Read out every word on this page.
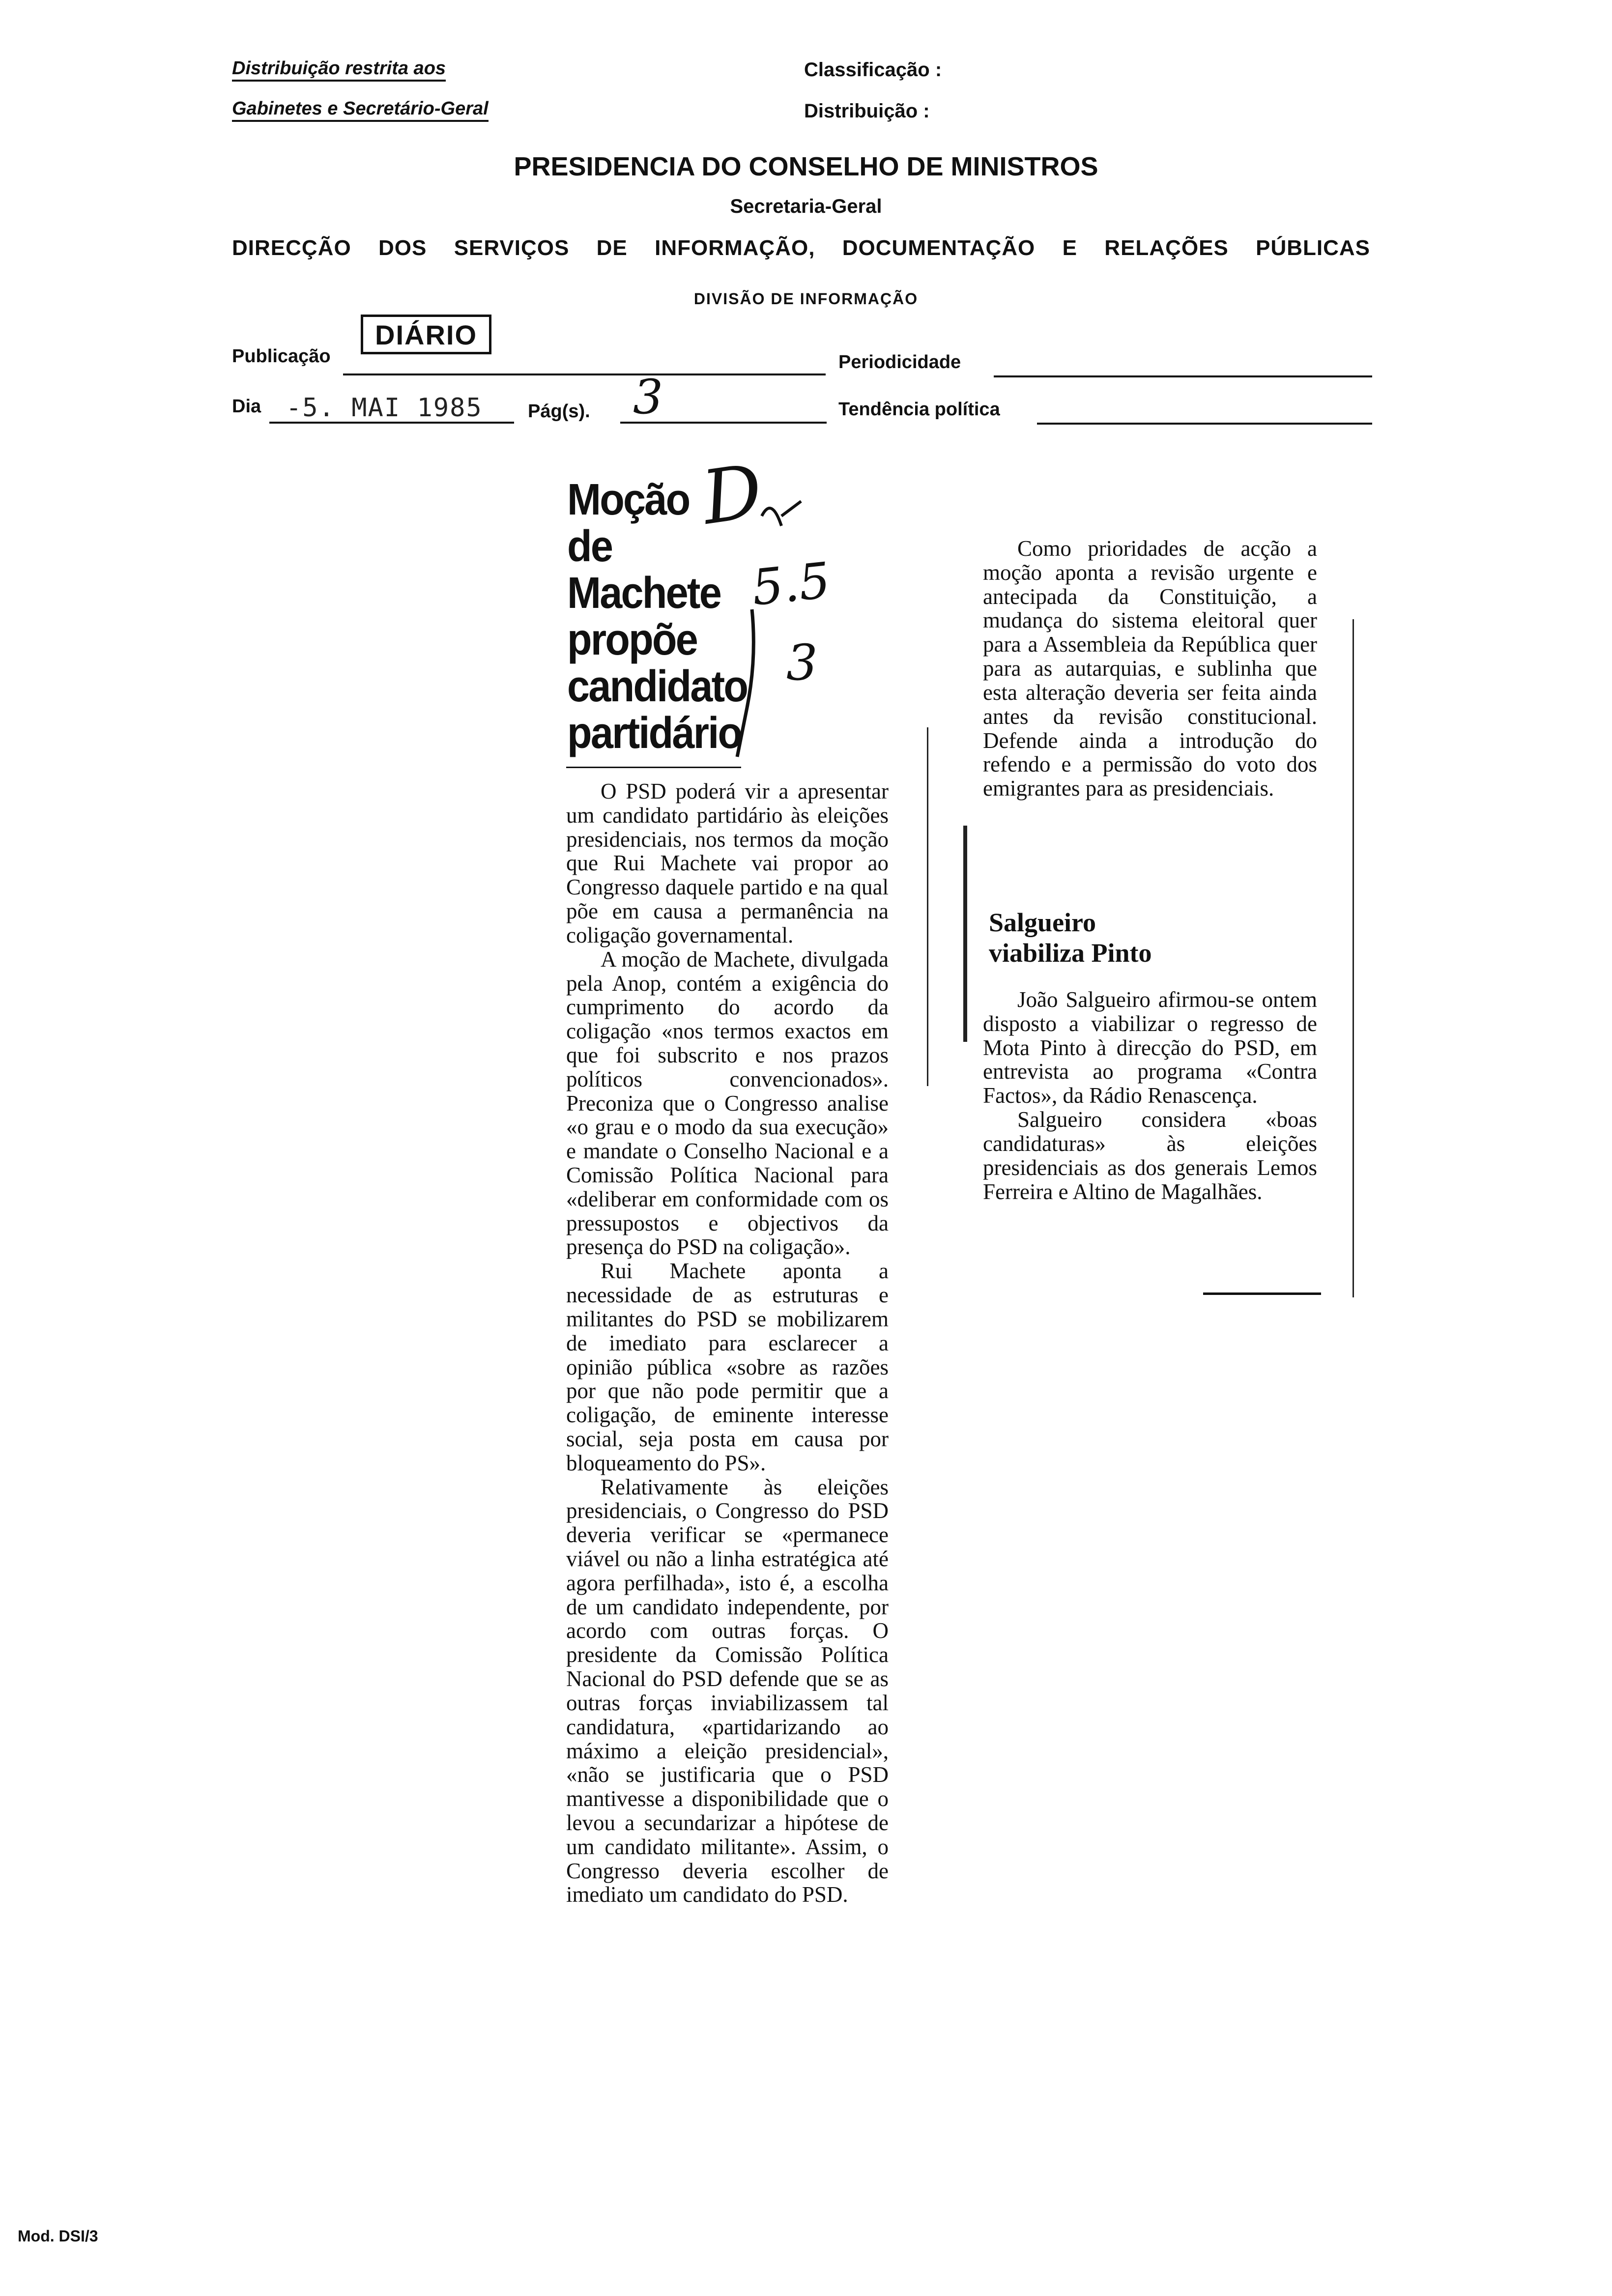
Distribuição restrita aos
Gabinetes e Secretário-Geral
Classificação :
Distribuição :
PRESIDENCIA DO CONSELHO DE MINISTROS
Secretaria-Geral
DIRECÇÃO DOS SERVIÇOS DE INFORMAÇÃO, DOCUMENTAÇÃO E RELAÇÕES PÚBLICAS
DIVISÃO DE INFORMAÇÃO
Publicação
DIÁRIO
Periodicidade
Dia -5. MAI 1985 Pág(s). 3	Tendência política
Moção
de
Machete
propõe
candidato
partidário
D
5.5
3

O PSD poderá vir a apresentar um candidato partidário às eleições presidenciais, nos termos da moção que Rui Machete vai propor ao Congresso daquele partido e na qual põe em causa a permanência na coligação governamental.

A moção de Machete, divulgada pela Anop, contém a exigência do cumprimento do acordo da coligação «nos termos exactos em que foi subscrito e nos prazos políticos convencionados». Preconiza que o Congresso analise «o grau e o modo da sua execução» e mandate o Conselho Nacional e a Comissão Política Nacional para «deliberar em conformidade com os pressupostos e objectivos da presença do PSD na coligação».

Rui Machete aponta a necessidade de as estruturas e militantes do PSD se mobilizarem de imediato para esclarecer a opinião pública «sobre as razões por que não pode permitir que a coligação, de eminente interesse social, seja posta em causa por bloqueamento do PS».

Relativamente às eleições presidenciais, o Congresso do PSD deveria verificar se «permanece viável ou não a linha estratégica até agora perfilhada», isto é, a escolha de um candidato independente, por acordo com outras forças. O presidente da Comissão Política Nacional do PSD defende que se as outras forças inviabilizassem tal candidatura, «partidarizando ao máximo a eleição presidencial», «não se justificaria que o PSD mantivesse a disponibilidade que o levou a secundarizar a hipótese de um candidato militante». Assim, o Congresso deveria escolher de imediato um candidato do PSD.

Como prioridades de acção a moção aponta a revisão urgente e antecipada da Constituição, a mudança do sistema eleitoral quer para a Assembleia da República quer para as autarquias, e sublinha que esta alteração deveria ser feita ainda antes da revisão constitucional. Defende ainda a introdução do refendo e a permissão do voto dos emigrantes para as presidenciais.

Salgueiro
viabiliza Pinto

João Salgueiro afirmou-se ontem disposto a viabilizar o regresso de Mota Pinto à direcção do PSD, em entrevista ao programa «Contra Factos», da Rádio Renascença.

Salgueiro considera «boas candidaturas» às eleições presidenciais as dos generais Lemos Ferreira e Altino de Magalhães.

Mod. DSI/3
